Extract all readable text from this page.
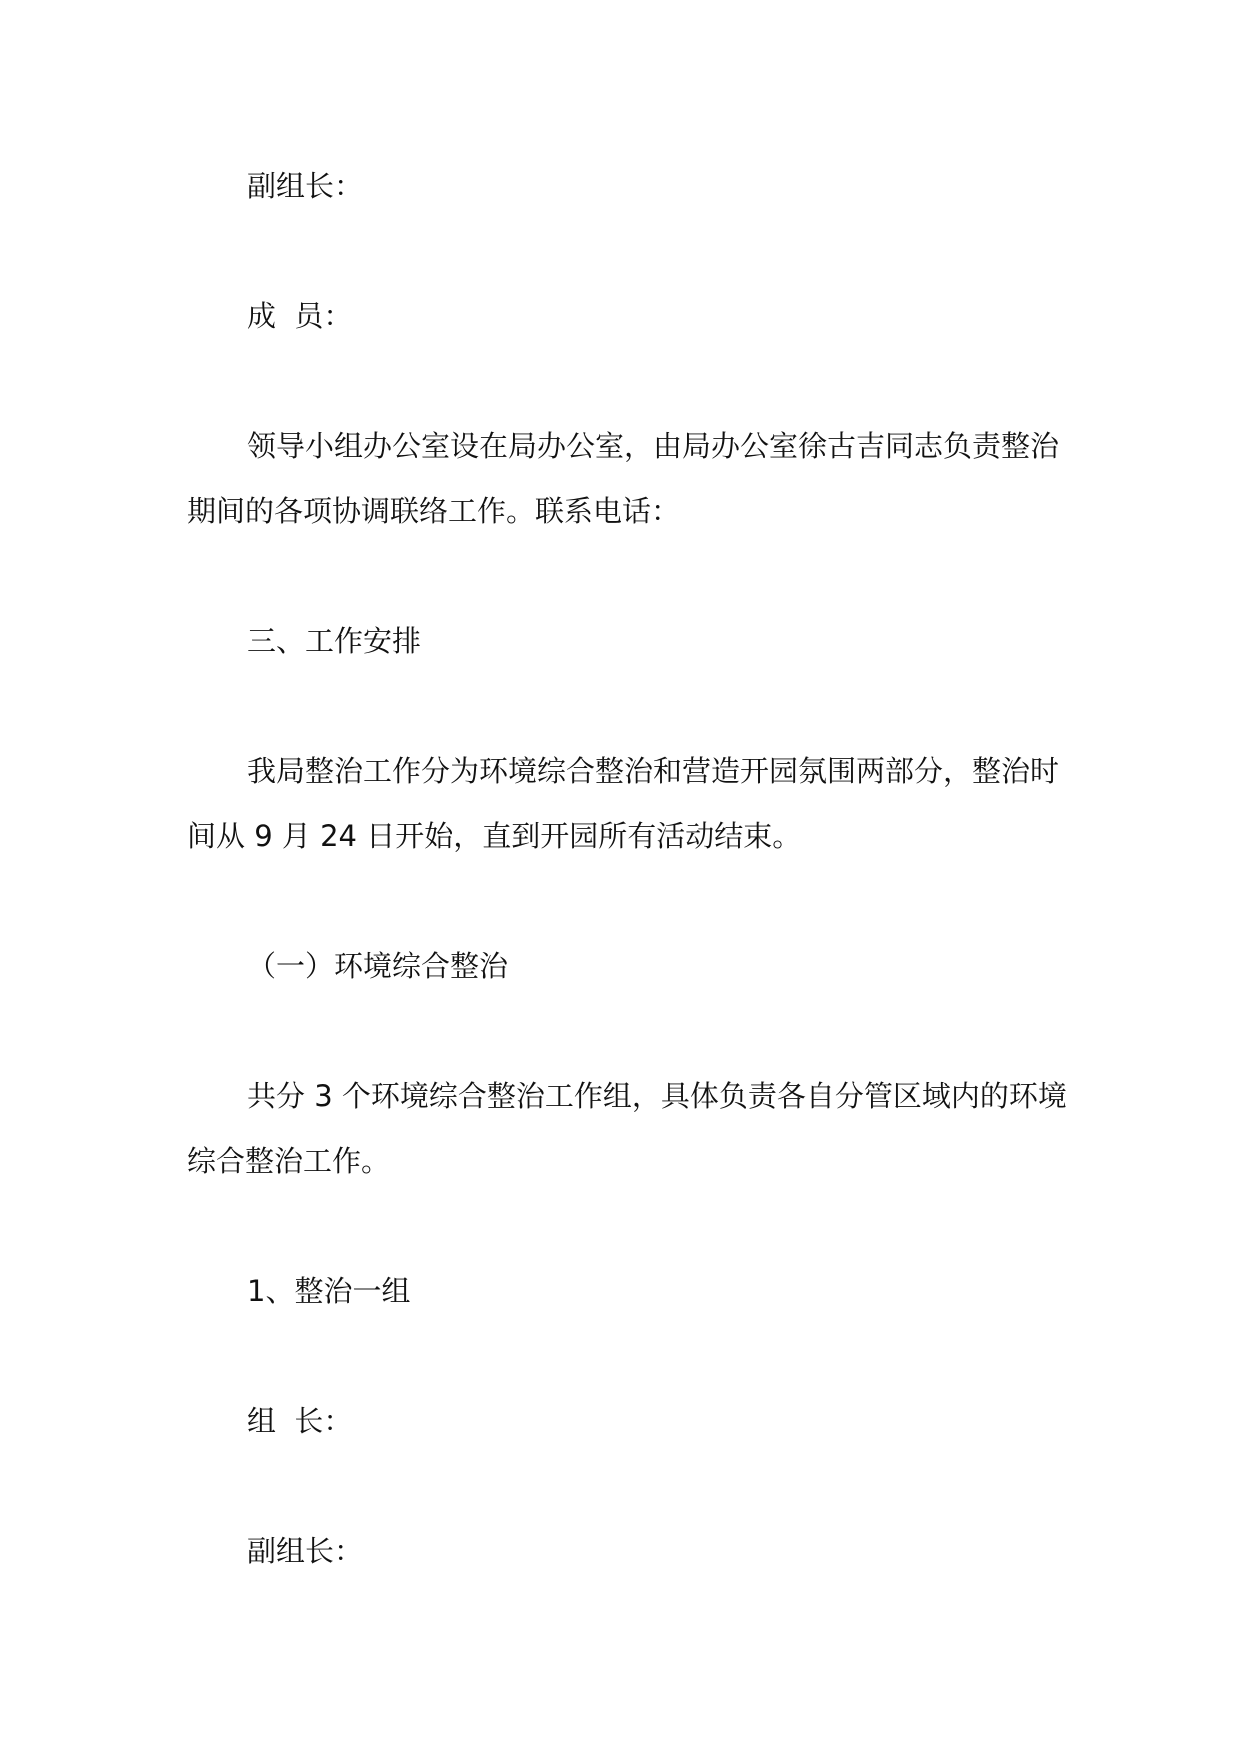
副组长：
成  员：
领导小组办公室设在局办公室，由局办公室徐古吉同志负责整治
期间的各项协调联络工作。联系电话：
三、工作安排
我局整治工作分为环境综合整治和营造开园氛围两部分，整治时
间从 9 月 24 日开始，直到开园所有活动结束。
（一）环境综合整治
共分 3 个环境综合整治工作组，具体负责各自分管区域内的环境
综合整治工作。
1、整治一组
组  长：
副组长：
